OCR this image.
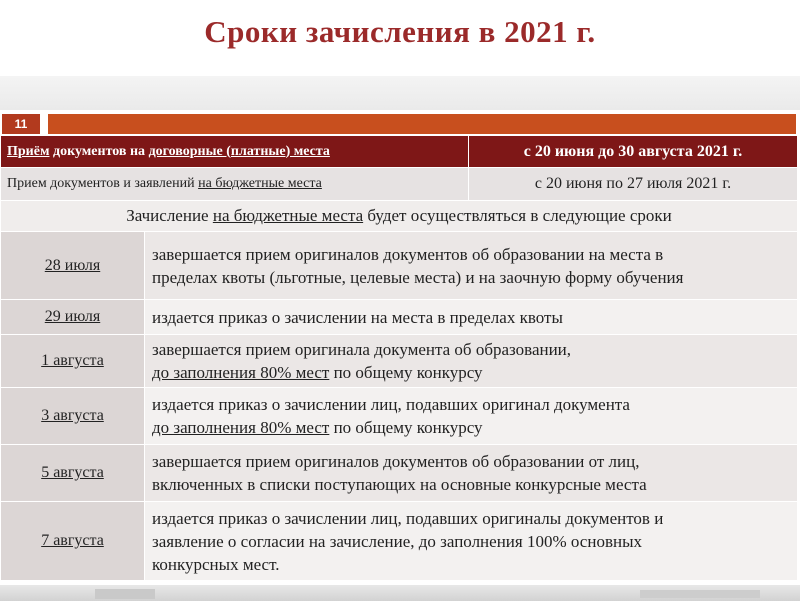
Сроки зачисления в 2021 г.
11
Приём документов на договорные (платные) места		с 20 июня до 30 августа 2021 г.
Прием документов и заявлений на бюджетные места		с 20 июня по 27 июля 2021 г.
Зачисление на бюджетные места будет осуществляться в следующие сроки		
28 июля	завершается прием оригиналов документов об образовании на места в
пределах квоты (льготные, целевые места) и на заочную форму обучения	

29 июля	издается приказ о зачислении на места в пределах квоты	

1 августа	завершается прием оригинала документа об образовании,
до заполнения 80% мест по общему конкурсу	

3 августа	издается приказ о зачислении лиц, подавших оригинал документа
до заполнения 80% мест по общему конкурсу	

5 августа	завершается прием оригиналов документов об образовании от лиц,
включенных в списки поступающих на основные конкурсные места	

7 августа	издается приказ о зачислении лиц, подавших оригиналы документов и
заявление о согласии на зачисление, до заполнения 100% основных
конкурсных мест.	
